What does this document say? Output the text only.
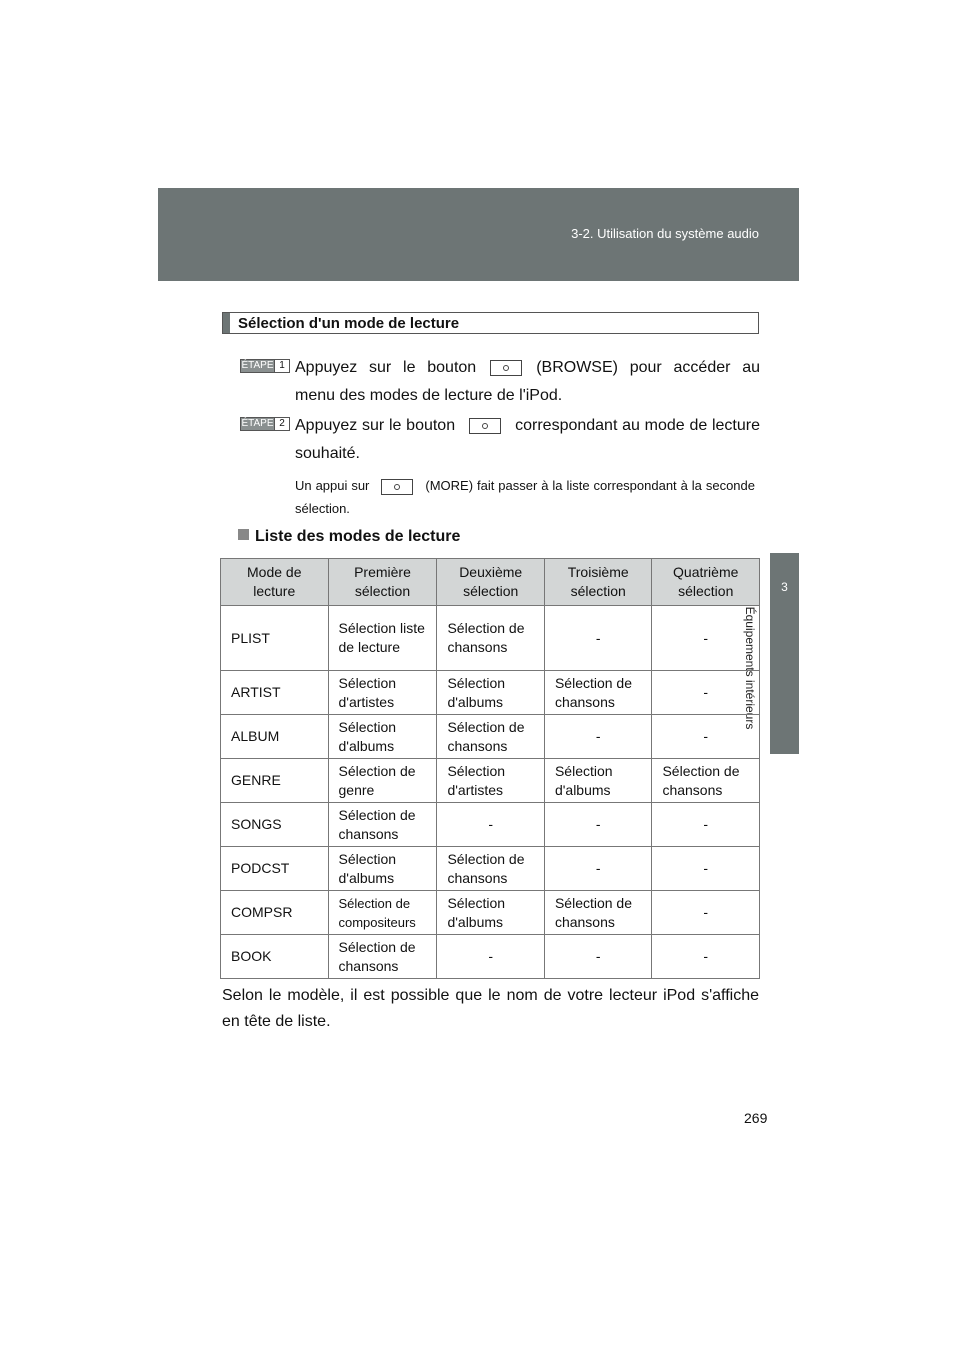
3-2. Utilisation du système audio
3
Équipements intérieurs
Sélection d'un mode de lecture
ÉTAPE 1 Appuyez sur le bouton	(BROWSE) pour accéder au menu des modes de lecture de l'iPod.
ÉTAPE 2 Appuyez sur le bouton	correspondant au mode de lecture souhaité.
Un appui sur	(MORE) fait passer à la liste correspondant à la seconde sélection.
Liste des modes de lecture
Mode de lecture	Première sélection	Deuxième sélection	Troisième sélection	Quatrième sélection
PLIST	Sélection liste de lecture	Sélection de chansons	-	-
ARTIST	Sélection d'artistes	Sélection d'albums	Sélection de chansons	-
ALBUM	Sélection d'albums	Sélection de chansons	-	-
GENRE	Sélection de genre	Sélection d'artistes	Sélection d'albums	Sélection de chansons
SONGS	Sélection de chansons	-	-	-
PODCST	Sélection d'albums	Sélection de chansons	-	-
COMPSR	Sélection de compositeurs	Sélection d'albums	Sélection de chansons	-
BOOK	Sélection de chansons	-	-	-
Selon le modèle, il est possible que le nom de votre lecteur iPod s'affiche en tête de liste.
269
